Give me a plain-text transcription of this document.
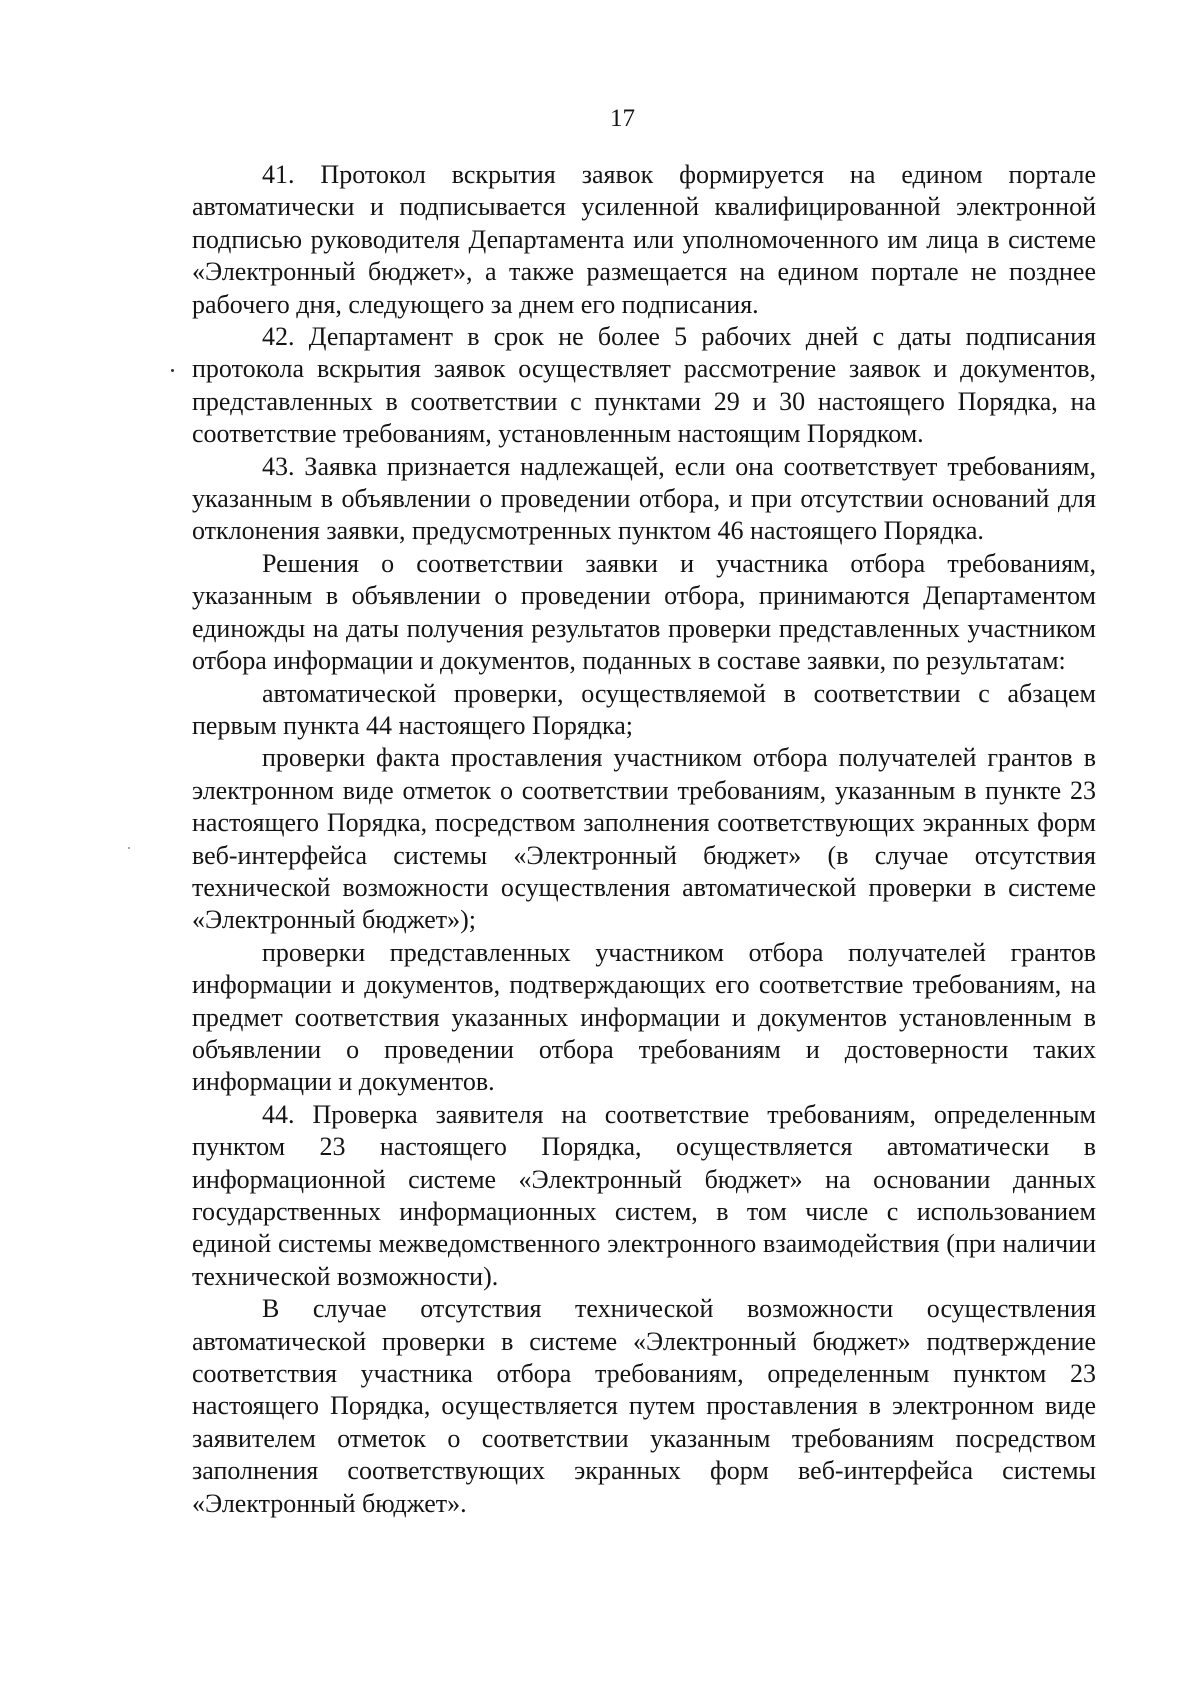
17

41. Протокол вскрытия заявок формируется на едином портале автоматически и подписывается усиленной квалифицированной электронной подписью руководителя Департамента или уполномоченного им лица в системе «Электронный бюджет», а также размещается на едином портале не позднее рабочего дня, следующего за днем его подписания.

42. Департамент в срок не более 5 рабочих дней с даты подписания протокола вскрытия заявок осуществляет рассмотрение заявок и документов, представленных в соответствии с пунктами 29 и 30 настоящего Порядка, на соответствие требованиям, установленным настоящим Порядком.

43. Заявка признается надлежащей, если она соответствует требованиям, указанным в объявлении о проведении отбора, и при отсутствии оснований для отклонения заявки, предусмотренных пунктом 46 настоящего Порядка.

Решения о соответствии заявки и участника отбора требованиям, указанным в объявлении о проведении отбора, принимаются Департаментом единожды на даты получения результатов проверки представленных участником отбора информации и документов, поданных в составе заявки, по результатам:

автоматической проверки, осуществляемой в соответствии с абзацем первым пункта 44 настоящего Порядка;

проверки факта проставления участником отбора получателей грантов в электронном виде отметок о соответствии требованиям, указанным в пункте 23 настоящего Порядка, посредством заполнения соответствующих экранных форм веб-интерфейса системы «Электронный бюджет» (в случае отсутствия технической возможности осуществления автоматической проверки в системе «Электронный бюджет»);

проверки представленных участником отбора получателей грантов информации и документов, подтверждающих его соответствие требованиям, на предмет соответствия указанных информации и документов установленным в объявлении о проведении отбора требованиям и достоверности таких информации и документов.

44. Проверка заявителя на соответствие требованиям, определенным пунктом 23 настоящего Порядка, осуществляется автоматически в информационной системе «Электронный бюджет» на основании данных государственных информационных систем, в том числе с использованием единой системы межведомственного электронного взаимодействия (при наличии технической возможности).

В случае отсутствия технической возможности осуществления автоматической проверки в системе «Электронный бюджет» подтверждение соответствия участника отбора требованиям, определенным пунктом 23 настоящего Порядка, осуществляется путем проставления в электронном виде заявителем отметок о соответствии указанным требованиям посредством заполнения соответствующих экранных форм веб-интерфейса системы «Электронный бюджет».
